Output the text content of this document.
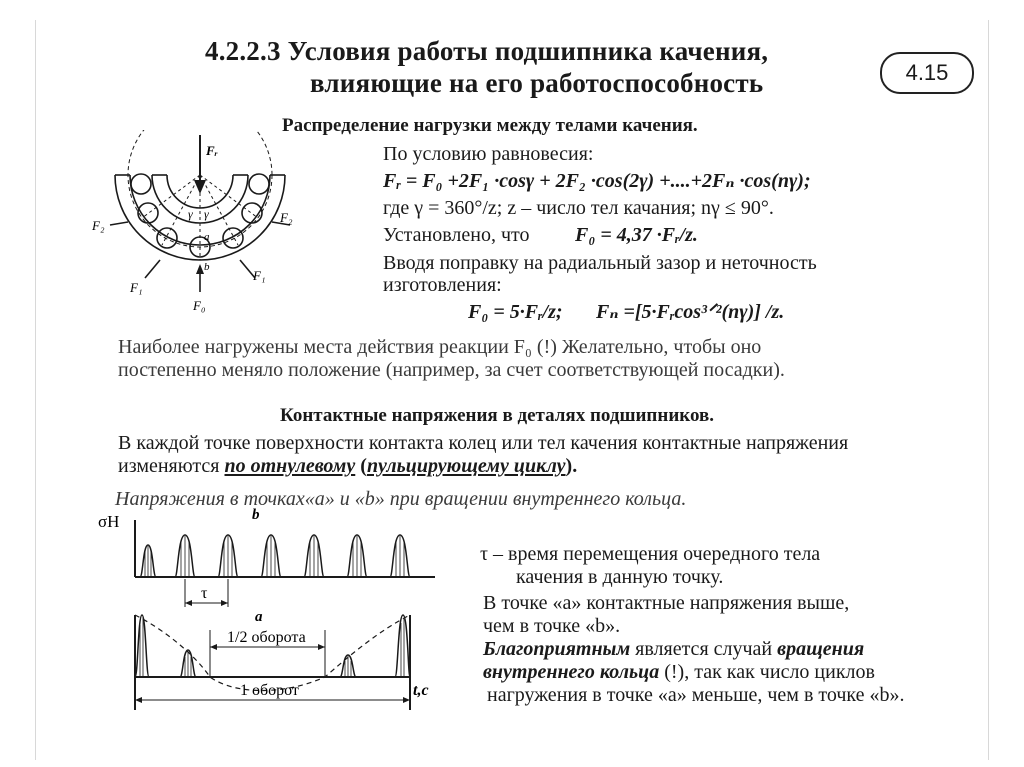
4.2.2.3 Условия работы подшипника качения,
влияющие на его работоспособность	4.15
Распределение нагрузки между телами качения.
Fᵣ
F₀
F₁
F₁
F₂
F₂
γ γ
a
b
По условию равновесия:
Fᵣ = F₀ +2F₁ ·cosγ + 2F₂ ·cos(2γ) +....+2Fₙ ·cos(nγ);
где γ = 360°/z; z – число тел качания; nγ ≤ 90°.
Установлено, что F₀ = 4,37 ·Fᵣ/z.
Вводя поправку на радиальный зазор и неточность
изготовления:
F₀ = 5·Fᵣ/z; Fₙ =[5·Fᵣcos³ᐟ²(nγ)] /z.
Наиболее нагружены места действия реакции F₀ (!) Желательно, чтобы оно
постепенно меняло положение (например, за счет соответствующей посадки).
Контактные напряжения в деталях подшипников.
В каждой точке поверхности контакта колец или тел качения контактные напряжения
изменяются по отнулевому (пульцирующему циклу).
Напряжения в точках«a» и «b» при вращении внутреннего кольца.
σН	b
a
τ
1/2 оборота
1 оборот	t,c
τ – время перемещения очередного тела
качения в данную точку.
В точке «a» контактные напряжения выше,
чем в точке «b».
Благоприятным является случай вращения
внутреннего кольца (!), так как число циклов
нагружения в точке «a» меньше, чем в точке «b».
